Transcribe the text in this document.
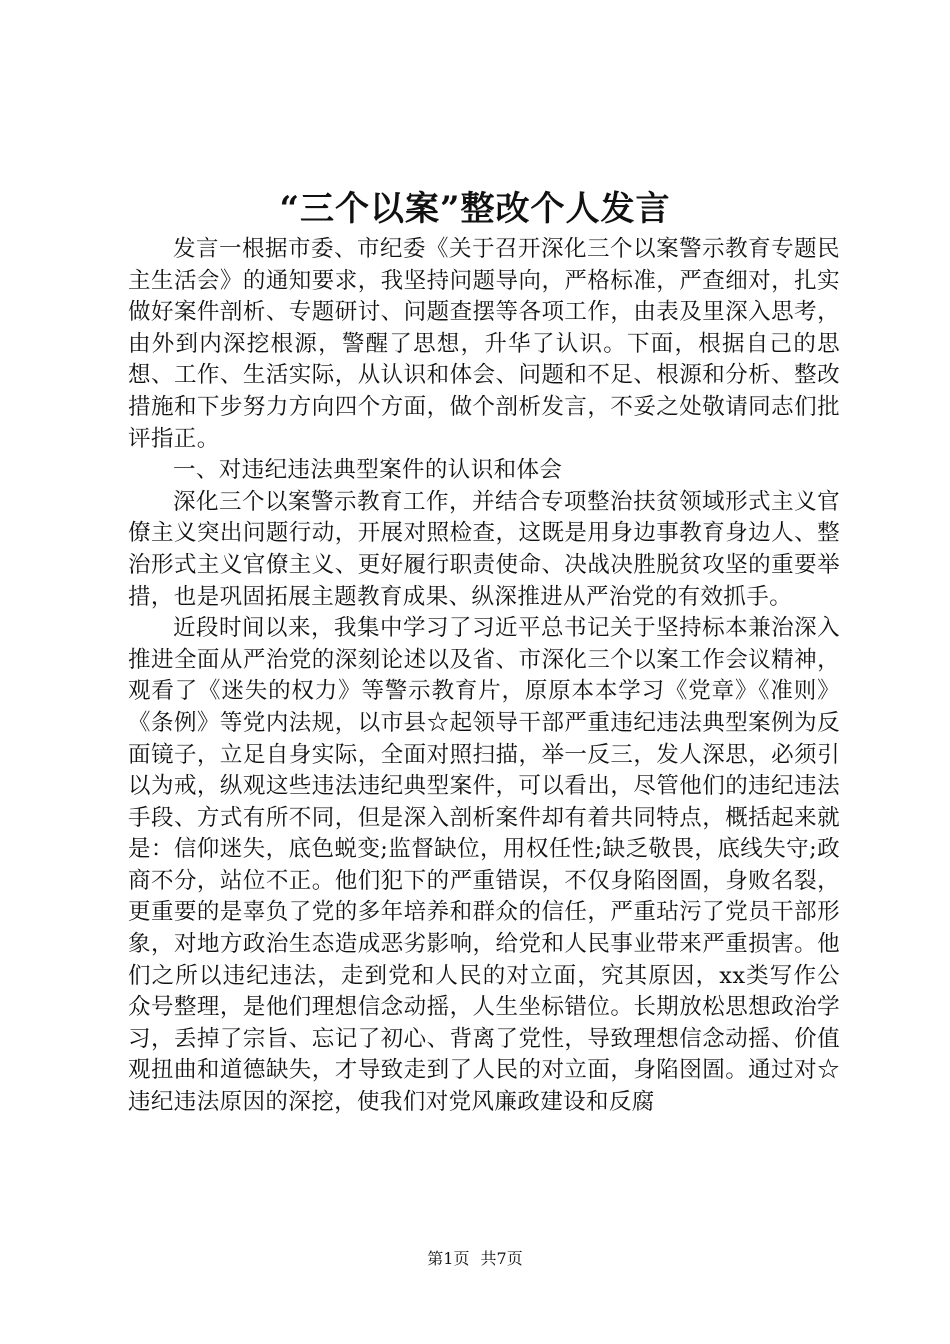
“三个以案”整改个人发言

发言一根据市委、市纪委《关于召开深化三个以案警示教育专题民主生活会》的通知要求，我坚持问题导向，严格标准，严查细对，扎实做好案件剖析、专题研讨、问题查摆等各项工作，由表及里深入思考，由外到内深挖根源，警醒了思想，升华了认识。下面，根据自己的思想、工作、生活实际，从认识和体会、问题和不足、根源和分析、整改措施和下步努力方向四个方面，做个剖析发言，不妥之处敬请同志们批评指正。

一、对违纪违法典型案件的认识和体会

深化三个以案警示教育工作，并结合专项整治扶贫领域形式主义官僚主义突出问题行动，开展对照检查，这既是用身边事教育身边人、整治形式主义官僚主义、更好履行职责使命、决战决胜脱贫攻坚的重要举措，也是巩固拓展主题教育成果、纵深推进从严治党的有效抓手。

近段时间以来，我集中学习了习近平总书记关于坚持标本兼治深入推进全面从严治党的深刻论述以及省、市深化三个以案工作会议精神，观看了《迷失的权力》等警示教育片，原原本本学习《党章》《准则》《条例》等党内法规，以市县☆起领导干部严重违纪违法典型案例为反面镜子，立足自身实际，全面对照扫描，举一反三，发人深思，必须引以为戒，纵观这些违法违纪典型案件，可以看出，尽管他们的违纪违法手段、方式有所不同，但是深入剖析案件却有着共同特点，概括起来就是：信仰迷失，底色蜕变;监督缺位，用权任性;缺乏敬畏，底线失守;政商不分，站位不正。他们犯下的严重错误，不仅身陷囹圄，身败名裂，更重要的是辜负了党的多年培养和群众的信任，严重玷污了党员干部形象，对地方政治生态造成恶劣影响，给党和人民事业带来严重损害。他们之所以违纪违法，走到党和人民的对立面，究其原因，xx类写作公众号整理，是他们理想信念动摇，人生坐标错位。长期放松思想政治学习，丢掉了宗旨、忘记了初心、背离了党性，导致理想信念动摇、价值观扭曲和道德缺失，才导致走到了人民的对立面，身陷囹圄。通过对☆违纪违法原因的深挖，使我们对党风廉政建设和反腐

第1页 共7页
